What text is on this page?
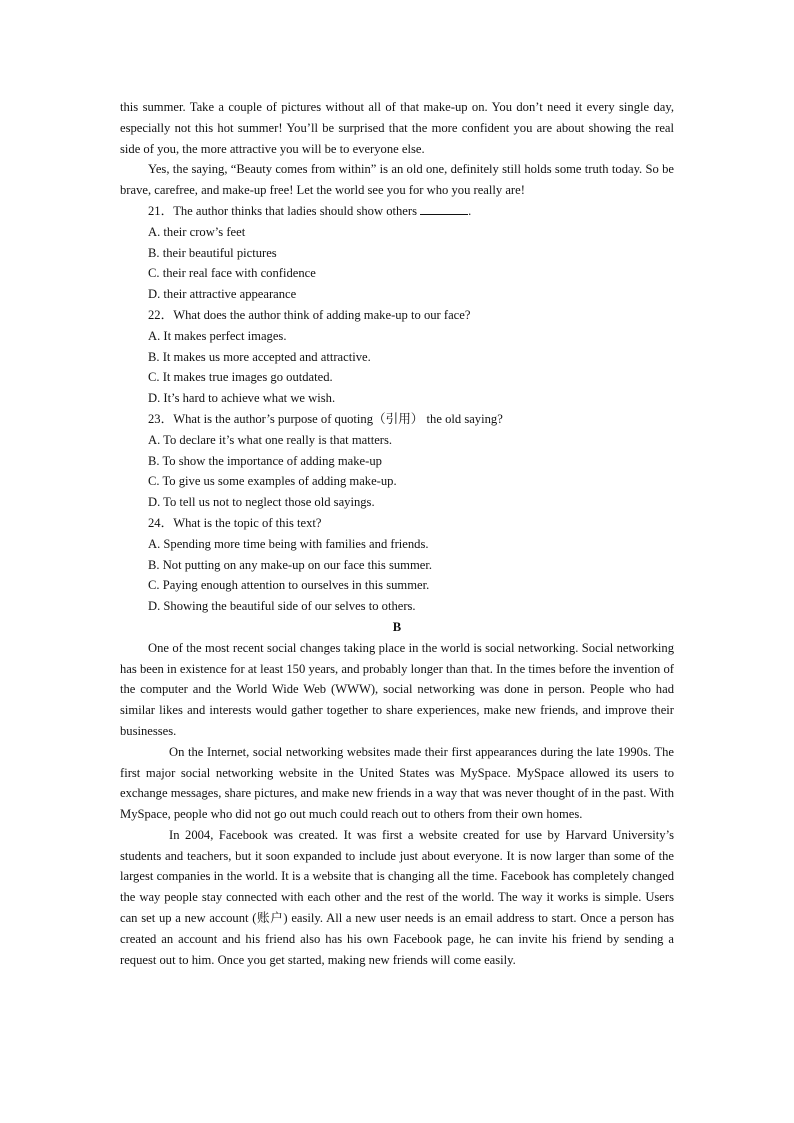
this summer. Take a couple of pictures without all of that make-up on. You don’t need it every single day, especially not this hot summer! You’ll be surprised that the more confident you are about showing the real side of you, the more attractive you will be to everyone else.

Yes, the saying, “Beauty comes from within” is an old one, definitely still holds some truth today. So be brave, carefree, and make-up free! Let the world see you for who you really are!

21．The author thinks that ladies should show others	.
A. their crow’s feet
B. their beautiful pictures
C. their real face with confidence
D. their attractive appearance
22．What does the author think of adding make-up to our face?
A. It makes perfect images.
B. It makes us more accepted and attractive.
C. It makes true images go outdated.
D. It’s hard to achieve what we wish.
23．What is the author’s purpose of quoting（引用） the old saying?
A. To declare it’s what one really is that matters.
B. To show the importance of adding make-up
C. To give us some examples of adding make-up.
D. To tell us not to neglect those old sayings.
24．What is the topic of this text?
A. Spending more time being with families and friends.
B. Not putting on any make-up on our face this summer.
C. Paying enough attention to ourselves in this summer.
D. Showing the beautiful side of our selves to others.
B

One of the most recent social changes taking place in the world is social networking. Social networking has been in existence for at least 150 years, and probably longer than that. In the times before the invention of the computer and the World Wide Web (WWW), social networking was done in person. People who had similar likes and interests would gather together to share experiences, make new friends, and improve their businesses.

On the Internet, social networking websites made their first appearances during the late 1990s. The first major social networking website in the United States was MySpace. MySpace allowed its users to exchange messages, share pictures, and make new friends in a way that was never thought of in the past. With MySpace, people who did not go out much could reach out to others from their own homes.

In 2004, Facebook was created. It was first a website created for use by Harvard University’s students and teachers, but it soon expanded to include just about everyone. It is now larger than some of the largest companies in the world. It is a website that is changing all the time. Facebook has completely changed the way people stay connected with each other and the rest of the world. The way it works is simple. Users can set up a new account (账户) easily. All a new user needs is an email address to start. Once a person has created an account and his friend also has his own Facebook page, he can invite his friend by sending a request out to him. Once you get started, making new friends will come easily.
